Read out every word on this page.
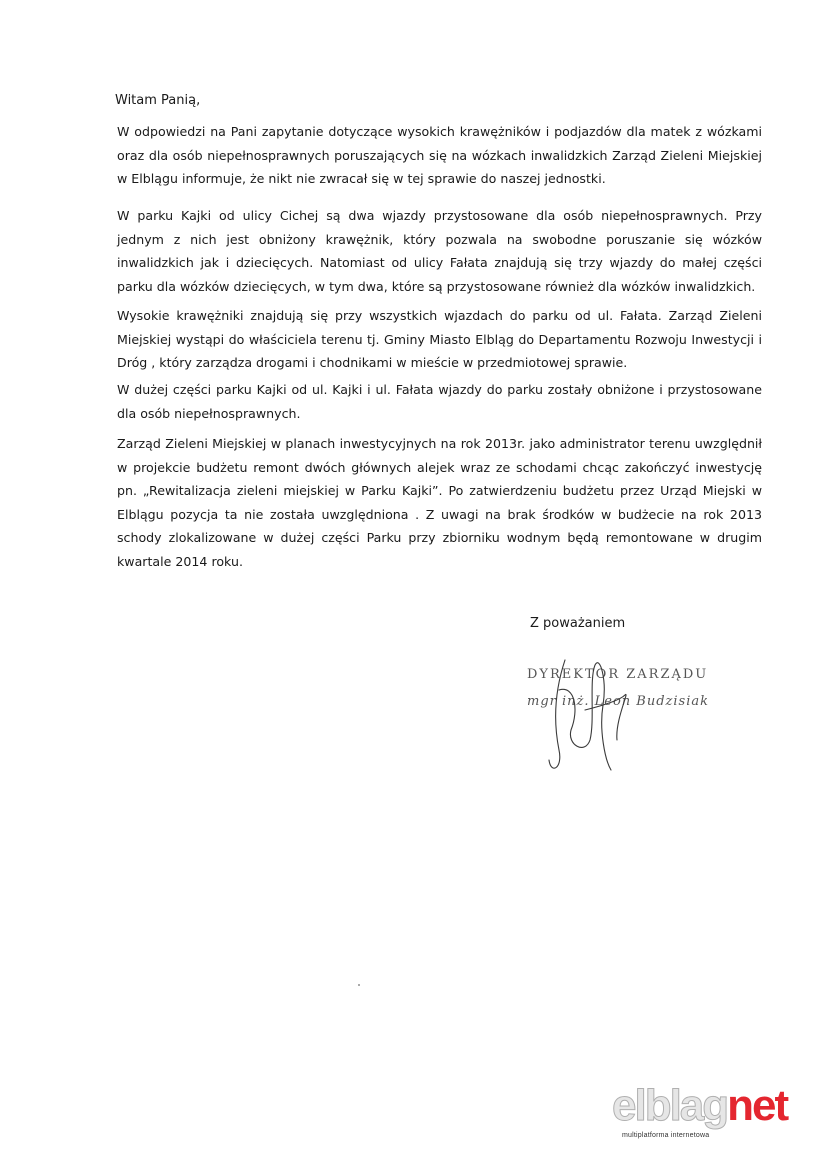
Witam Panią,

W odpowiedzi na Pani zapytanie dotyczące wysokich krawężników i podjazdów dla matek z wózkami oraz dla osób niepełnosprawnych poruszających się na wózkach inwalidzkich Zarząd Zieleni Miejskiej w Elblągu informuje, że nikt nie zwracał się w tej sprawie do naszej jednostki.

W parku Kajki od ulicy Cichej są dwa wjazdy przystosowane dla osób niepełnosprawnych. Przy jednym z nich jest obniżony krawężnik, który pozwala na swobodne poruszanie się wózków inwalidzkich jak i dziecięcych. Natomiast od ulicy Fałata znajdują się trzy wjazdy do małej części parku dla wózków dziecięcych, w tym dwa, które są przystosowane również dla wózków inwalidzkich.

Wysokie krawężniki znajdują się przy wszystkich wjazdach do parku od ul. Fałata. Zarząd Zieleni Miejskiej wystąpi do właściciela terenu tj. Gminy Miasto Elbląg do Departamentu Rozwoju Inwestycji i Dróg , który zarządza drogami i chodnikami w mieście w przedmiotowej sprawie.

W dużej części parku Kajki od ul. Kajki i ul. Fałata wjazdy do parku zostały obniżone i przystosowane dla osób niepełnosprawnych.

Zarząd Zieleni Miejskiej w planach inwestycyjnych na rok 2013r. jako administrator terenu uwzględnił w projekcie budżetu remont dwóch głównych alejek wraz ze schodami chcąc zakończyć inwestycję pn. „Rewitalizacja zieleni miejskiej w Parku Kajki”. Po zatwierdzeniu budżetu przez Urząd Miejski w Elblągu pozycja ta nie została uwzględniona . Z uwagi na brak środków w budżecie na rok 2013 schody zlokalizowane w dużej części Parku przy zbiorniku wodnym będą remontowane w drugim kwartale 2014 roku.

Z poważaniem
DYREKTOR ZARZĄDU
mgr inż. Leon Budzisiak
elblagnet
multiplatforma internetowa
